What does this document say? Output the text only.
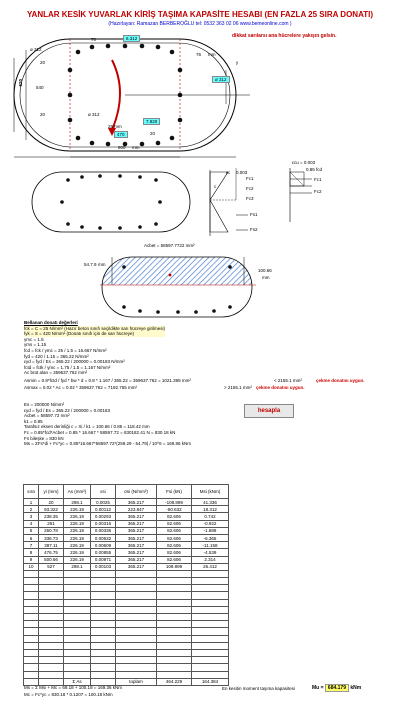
YANLAR KESİK YUVARLAK KİRİŞ TAŞIMA KAPASİTE HESABI (EN FAZLA 25 SIRA DONATI)
(Hazırlayan: Ramazan BERBEROĞLU tel: 0532 363 02 06 www.bemeonline.com )
dikkat sarılarsı ana hücrelere yakışın gelsin.
ø 312
70	6.312
76 mm
20
540
20
520
y
ø 312
ø 312
7.820
25 mm
470	20
800 mm
0.003
εc
c
Fc1
Fc2
Fc3
Fs1
Fs2
εcu = 0.003
0.85 fcd
Fc1
Fc2
Acbet = 58597.7722 mm²
54.7.9 mm
100.66
mm
Bellanan donatı değerleri
fck = C = 25 N/mm² (Hazır beton sınıfı seçildikte sarı hücreye girilmesi)
fyk = S = 420 N/mm² (Donatı sınıfı için de sarı hücreye)
γmc = 1.5
γms = 1.15
fcd = fck / γmc = 25 / 1.5 = 16.667 N/mm²
fyd = 420 / 1.15 = 365.22 N/mm²
εyd = fyd / Es = 365.22 / 200000 = 0.00183 N/mm²
fctd = fctk / γmc = 1.75 / 1.5 = 1.167 N/mm²
Ac brüt alan = 359637.762 mm²
Asmin = 0.8*fctd / fyd * bw * d = 0.8 * 1.167 / 365.22 = 359637.762 = 1021.399 mm²	< 2155.1 mm²	çekme donatısı uygun.
Asmax = 0.02 * Ac = 0.02 * 359637.762 = 7192.755 mm²	> 2155.1 mm² çekme donatısı uygun.
Es = 200000 N/mm²
εyd = fyd / Es = 365.22 / 200000 = 0.00183
Acbet = 58597.72 mm²
k1 = 0.85
Tarafsız eksen derinliği c = Xi / k1 = 100.66 / 0.85 = 118.42 mm
Fc = 0.85*fcd*Acbet = 0.85 * 16.667 * 58597.72 = 830182.41 N = 830.18 kN
Fs bileşke = 830 kN
Ms = ΣFs*di + Fc*yc = 0.85*16.667*58597.72*(259.29 - 54.79) / 10^6 = 169.86 kNm
hesapla
sıra	yi (mm)	As (mm²)	εsi	σsi (N/mm²)	Fsi (kN)	Msi (kNm)
1	20	298.1	0.0025	365.217	-108.899	41.336
2	93.322	226.19	0.00112	223.847	-50.632	18.312
3	238.35	226.19	0.00293	365.217	82.606	0.742
4	251	226.19	0.00316	365.217	82.606	-0.922
5	260.78	226.19	0.00336	365.217	82.606	-1.688
6	336.73	226.19	0.00532	365.217	82.606	-6.365
7	387.11	226.19	0.00609	365.217	82.606	-11.158
8	476.75	226.19	0.00855	365.217	82.606	-4.539
9	500.66	226.19	0.00971	365.217	82.606	2.314
10	527	298.1	0.00103	365.217	108.899	26.412

		Σ As		toplam	464.229	164.384
Ms = Σ Msi + Mc = 69.18 + 100.18 = 169.36 kNm
Mc = Fc*yc = 830.18 * 0.1207 = 100.18 kNm
En kesitin moment taşıma kapasitesi	Mu = 684.179 kNm
